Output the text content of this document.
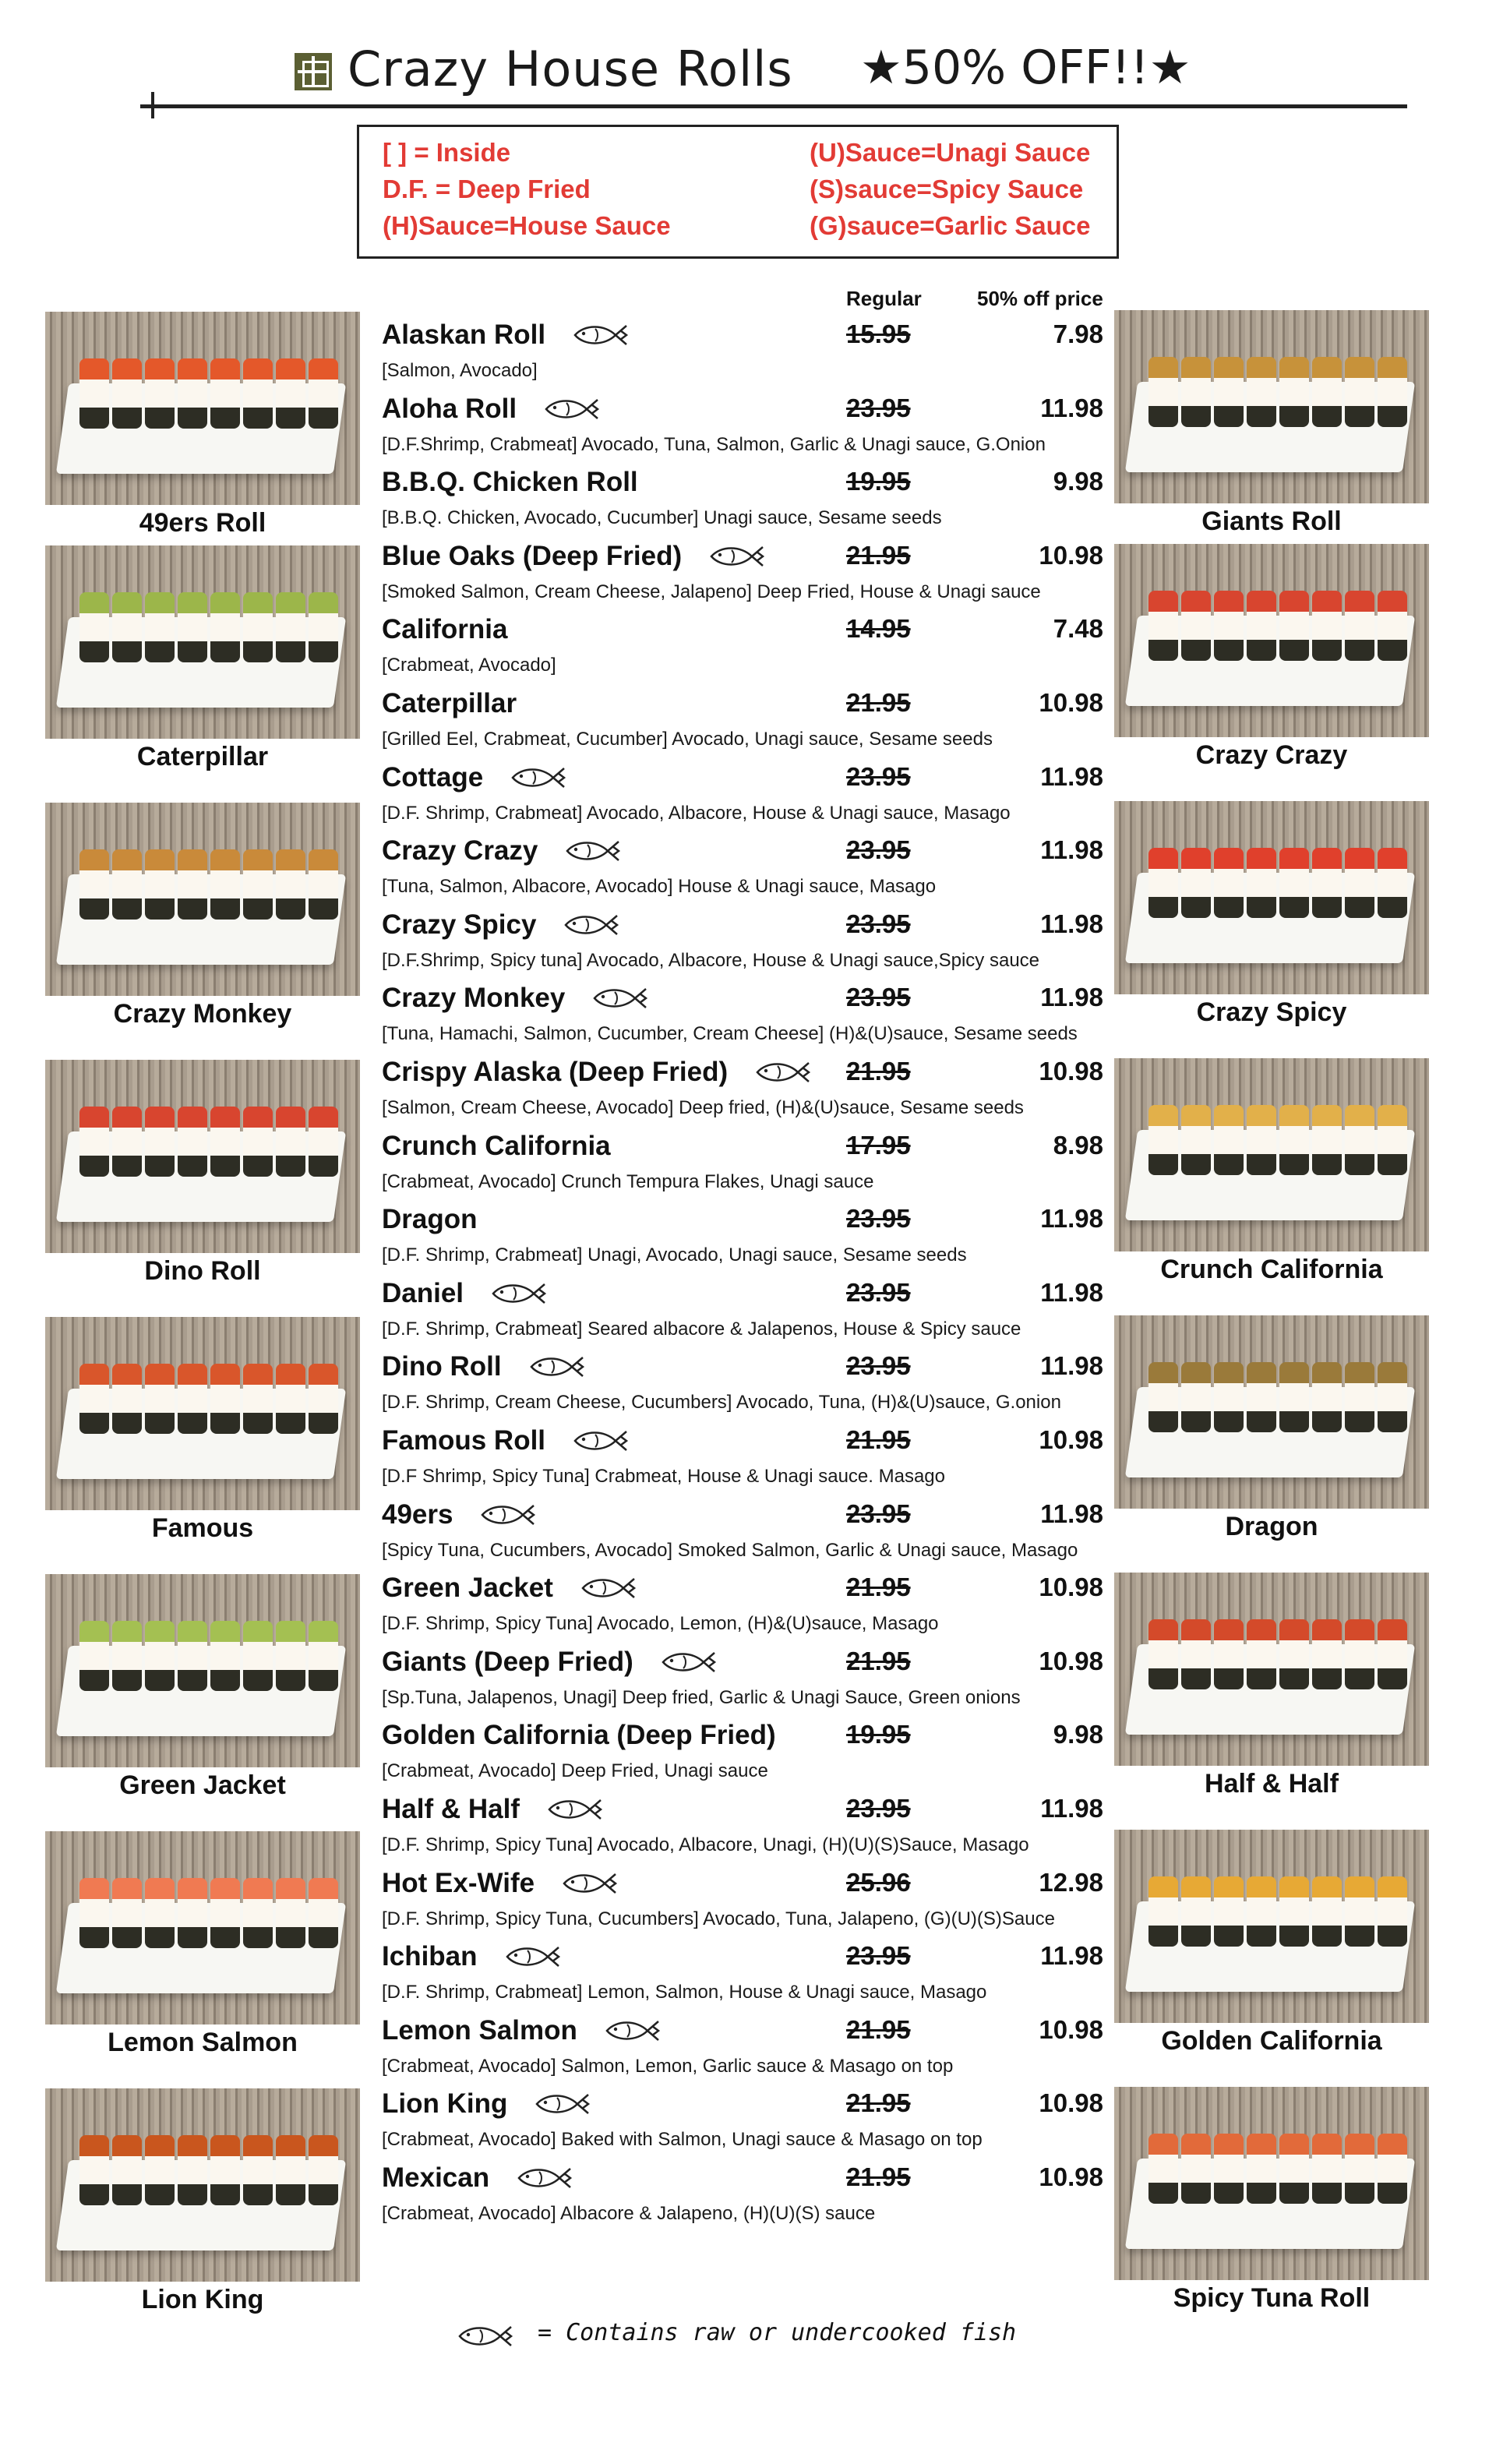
Crazy House Rolls ★50% OFF!!★
[ ] = Inside
D.F. = Deep Fried
(H)Sauce=House Sauce
(U)Sauce=Unagi Sauce
(S)sauce=Spicy Sauce
(G)sauce=Garlic Sauce
Regular	50% off price
49ers Roll
Caterpillar
Crazy Monkey
Dino Roll
Famous
Green Jacket
Lemon Salmon
Lion King
Giants Roll
Crazy Crazy
Crazy Spicy
Crunch California
Dragon
Half & Half
Golden California
Spicy Tuna Roll
Alaskan Roll
[Salmon, Avocado]
15.95	7.98
Aloha Roll
[D.F.Shrimp, Crabmeat] Avocado, Tuna, Salmon, Garlic & Unagi sauce, G.Onion
23.95	11.98
B.B.Q. Chicken Roll
[B.B.Q. Chicken, Avocado, Cucumber] Unagi sauce, Sesame seeds
19.95	9.98
Blue Oaks (Deep Fried)
[Smoked Salmon, Cream Cheese, Jalapeno] Deep Fried, House & Unagi sauce
21.95	10.98
California
[Crabmeat, Avocado]
14.95	7.48
Caterpillar
[Grilled Eel, Crabmeat, Cucumber] Avocado, Unagi sauce, Sesame seeds
21.95	10.98
Cottage
[D.F. Shrimp, Crabmeat] Avocado, Albacore, House & Unagi sauce, Masago
23.95	11.98
Crazy Crazy
[Tuna, Salmon, Albacore, Avocado] House & Unagi sauce, Masago
23.95	11.98
Crazy Spicy
[D.F.Shrimp, Spicy tuna] Avocado, Albacore, House & Unagi sauce,Spicy sauce
23.95	11.98
Crazy Monkey
[Tuna, Hamachi, Salmon, Cucumber, Cream Cheese] (H)&(U)sauce, Sesame seeds
23.95	11.98
Crispy Alaska (Deep Fried)
[Salmon, Cream Cheese, Avocado] Deep fried, (H)&(U)sauce, Sesame seeds
21.95	10.98
Crunch California
[Crabmeat, Avocado] Crunch Tempura Flakes, Unagi sauce
17.95	8.98
Dragon
[D.F. Shrimp, Crabmeat] Unagi, Avocado, Unagi sauce, Sesame seeds
23.95	11.98
Daniel
[D.F. Shrimp, Crabmeat] Seared albacore & Jalapenos, House & Spicy sauce
23.95	11.98
Dino Roll
[D.F. Shrimp, Cream Cheese, Cucumbers] Avocado, Tuna, (H)&(U)sauce, G.onion
23.95	11.98
Famous Roll
[D.F Shrimp, Spicy Tuna] Crabmeat, House & Unagi sauce. Masago
21.95	10.98
49ers
[Spicy Tuna, Cucumbers, Avocado] Smoked Salmon, Garlic & Unagi sauce, Masago
23.95	11.98
Green Jacket
[D.F. Shrimp, Spicy Tuna] Avocado, Lemon, (H)&(U)sauce, Masago
21.95	10.98
Giants (Deep Fried)
[Sp.Tuna, Jalapenos, Unagi] Deep fried, Garlic & Unagi Sauce, Green onions
21.95	10.98
Golden California (Deep Fried)
[Crabmeat, Avocado] Deep Fried, Unagi sauce
19.95	9.98
Half & Half
[D.F. Shrimp, Spicy Tuna] Avocado, Albacore, Unagi, (H)(U)(S)Sauce, Masago
23.95	11.98
Hot Ex-Wife
[D.F. Shrimp, Spicy Tuna, Cucumbers] Avocado, Tuna, Jalapeno, (G)(U)(S)Sauce
25.96	12.98
Ichiban
[D.F. Shrimp, Crabmeat] Lemon, Salmon, House & Unagi sauce, Masago
23.95	11.98
Lemon Salmon
[Crabmeat, Avocado] Salmon, Lemon, Garlic sauce & Masago on top
21.95	10.98
Lion King
[Crabmeat, Avocado] Baked with Salmon, Unagi sauce & Masago on top
21.95	10.98
Mexican
[Crabmeat, Avocado] Albacore & Jalapeno, (H)(U)(S) sauce
21.95	10.98
= Contains raw or undercooked fish
